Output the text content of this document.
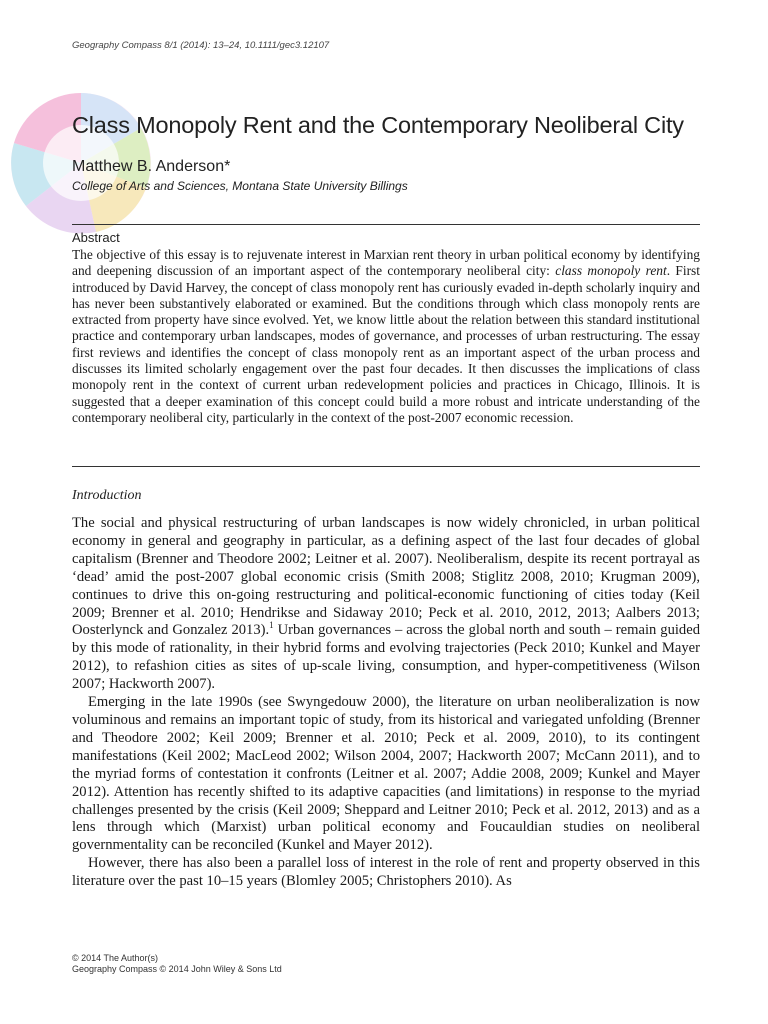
Geography Compass 8/1 (2014): 13–24, 10.1111/gec3.12107
Class Monopoly Rent and the Contemporary Neoliberal City
Matthew B. Anderson*
College of Arts and Sciences, Montana State University Billings
Abstract

The objective of this essay is to rejuvenate interest in Marxian rent theory in urban political economy by identifying and deepening discussion of an important aspect of the contemporary neoliberal city: class monopoly rent. First introduced by David Harvey, the concept of class monopoly rent has curiously evaded in-depth scholarly inquiry and has never been substantively elaborated or examined. But the conditions through which class monopoly rents are extracted from property have since evolved. Yet, we know little about the relation between this standard institutional practice and contemporary urban landscapes, modes of governance, and processes of urban restructuring. The essay first reviews and identifies the concept of class monopoly rent as an important aspect of the urban process and discusses its limited scholarly engagement over the past four decades. It then discusses the implications of class monopoly rent in the context of current urban redevelopment policies and practices in Chicago, Illinois. It is suggested that a deeper examination of this concept could build a more robust and intricate understanding of the contemporary neoliberal city, particularly in the context of the post-2007 economic recession.

Introduction

The social and physical restructuring of urban landscapes is now widely chronicled, in urban political economy in general and geography in particular, as a defining aspect of the last four decades of global capitalism (Brenner and Theodore 2002; Leitner et al. 2007). Neoliberalism, despite its recent portrayal as ‘dead’ amid the post-2007 global economic crisis (Smith 2008; Stiglitz 2008, 2010; Krugman 2009), continues to drive this on-going restructuring and political-economic functioning of cities today (Keil 2009; Brenner et al. 2010; Hendrikse and Sidaway 2010; Peck et al. 2010, 2012, 2013; Aalbers 2013; Oosterlynck and Gonzalez 2013).$^1$ Urban governances – across the global north and south – remain guided by this mode of rationality, in their hybrid forms and evolving trajectories (Peck 2010; Kunkel and Mayer 2012), to refashion cities as sites of up-scale living, consumption, and hyper-competitiveness (Wilson 2007; Hackworth 2007).

Emerging in the late 1990s (see Swyngedouw 2000), the literature on urban neoliberalization is now voluminous and remains an important topic of study, from its historical and variegated unfolding (Brenner and Theodore 2002; Keil 2009; Brenner et al. 2010; Peck et al. 2009, 2010), to its contingent manifestations (Keil 2002; MacLeod 2002; Wilson 2004, 2007; Hackworth 2007; McCann 2011), and to the myriad forms of contestation it confronts (Leitner et al. 2007; Addie 2008, 2009; Kunkel and Mayer 2012). Attention has recently shifted to its adaptive capacities (and limitations) in response to the myriad challenges presented by the crisis (Keil 2009; Sheppard and Leitner 2010; Peck et al. 2012, 2013) and as a lens through which (Marxist) urban political economy and Foucauldian studies on neoliberal governmentality can be reconciled (Kunkel and Mayer 2012).

However, there has also been a parallel loss of interest in the role of rent and property observed in this literature over the past 10–15 years (Blomley 2005; Christophers 2010). As

© 2014 The Author(s)
Geography Compass © 2014 John Wiley & Sons Ltd
